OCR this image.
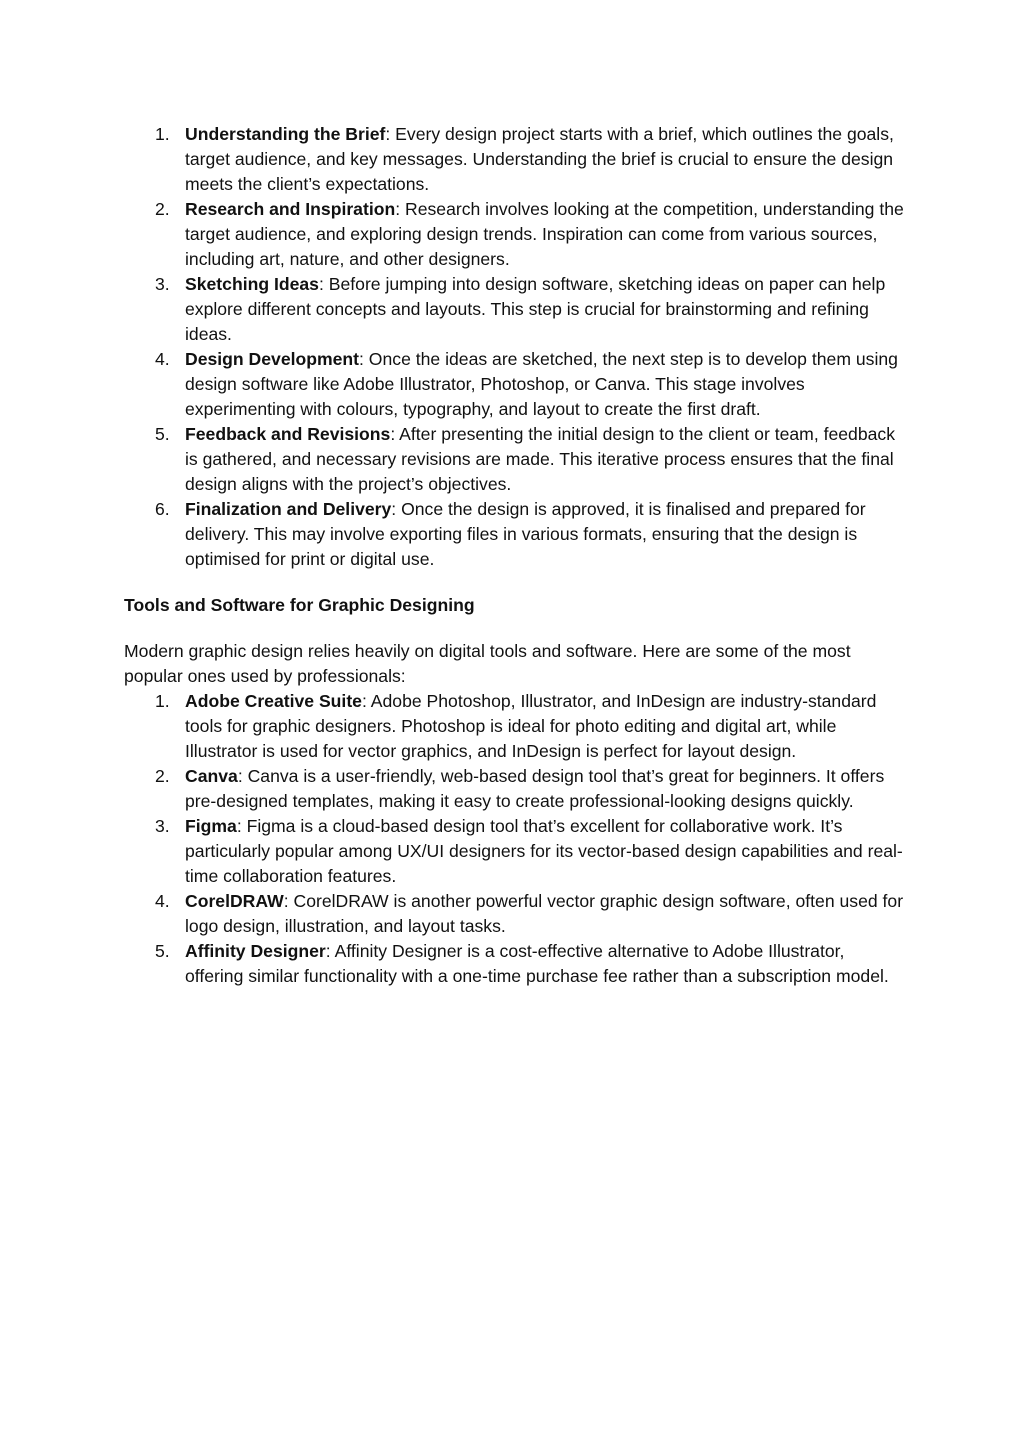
1. Understanding the Brief: Every design project starts with a brief, which outlines the goals, target audience, and key messages. Understanding the brief is crucial to ensure the design meets the client’s expectations.
2. Research and Inspiration: Research involves looking at the competition, understanding the target audience, and exploring design trends. Inspiration can come from various sources, including art, nature, and other designers.
3. Sketching Ideas: Before jumping into design software, sketching ideas on paper can help explore different concepts and layouts. This step is crucial for brainstorming and refining ideas.
4. Design Development: Once the ideas are sketched, the next step is to develop them using design software like Adobe Illustrator, Photoshop, or Canva. This stage involves experimenting with colours, typography, and layout to create the first draft.
5. Feedback and Revisions: After presenting the initial design to the client or team, feedback is gathered, and necessary revisions are made. This iterative process ensures that the final design aligns with the project’s objectives.
6. Finalization and Delivery: Once the design is approved, it is finalised and prepared for delivery. This may involve exporting files in various formats, ensuring that the design is optimised for print or digital use.
Tools and Software for Graphic Designing
Modern graphic design relies heavily on digital tools and software. Here are some of the most popular ones used by professionals:
1. Adobe Creative Suite: Adobe Photoshop, Illustrator, and InDesign are industry-standard tools for graphic designers. Photoshop is ideal for photo editing and digital art, while Illustrator is used for vector graphics, and InDesign is perfect for layout design.
2. Canva: Canva is a user-friendly, web-based design tool that’s great for beginners. It offers pre-designed templates, making it easy to create professional-looking designs quickly.
3. Figma: Figma is a cloud-based design tool that’s excellent for collaborative work. It’s particularly popular among UX/UI designers for its vector-based design capabilities and real-time collaboration features.
4. CorelDRAW: CorelDRAW is another powerful vector graphic design software, often used for logo design, illustration, and layout tasks.
5. Affinity Designer: Affinity Designer is a cost-effective alternative to Adobe Illustrator, offering similar functionality with a one-time purchase fee rather than a subscription model.
